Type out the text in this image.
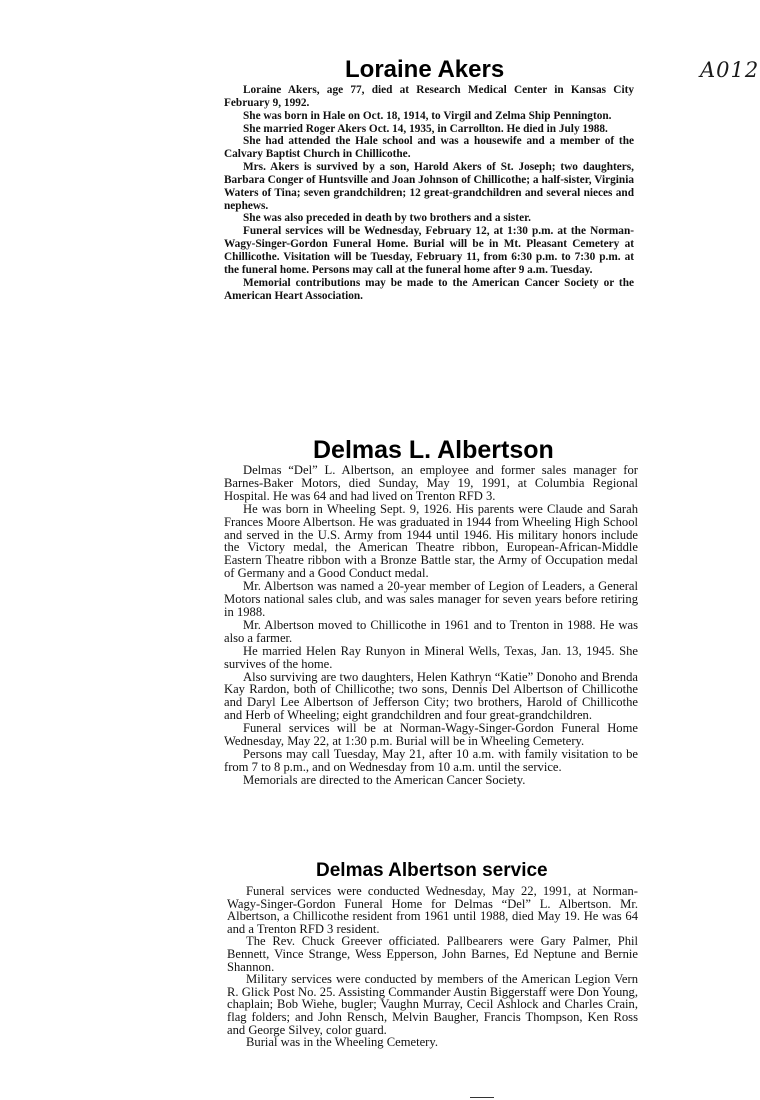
A012
Loraine Akers

Loraine Akers, age 77, died at Research Medical Center in Kansas City February 9, 1992.

She was born in Hale on Oct. 18, 1914, to Virgil and Zelma Ship Pennington.

She married Roger Akers Oct. 14, 1935, in Carrollton. He died in July 1988.

She had attended the Hale school and was a housewife and a member of the Calvary Baptist Church in Chillicothe.

Mrs. Akers is survived by a son, Harold Akers of St. Joseph; two daughters, Barbara Conger of Huntsville and Joan Johnson of Chillicothe; a half-sister, Virginia Waters of Tina; seven grandchildren; 12 great-grandchildren and several nieces and nephews.

She was also preceded in death by two brothers and a sister.

Funeral services will be Wednesday, February 12, at 1:30 p.m. at the Norman-Wagy-Singer-Gordon Funeral Home. Burial will be in Mt. Pleasant Cemetery at Chillicothe. Visitation will be Tuesday, February 11, from 6:30 p.m. to 7:30 p.m. at the funeral home. Persons may call at the funeral home after 9 a.m. Tuesday.

Memorial contributions may be made to the American Cancer Society or the American Heart Association.

Delmas L. Albertson

Delmas “Del” L. Albertson, an employee and former sales manager for Barnes-Baker Motors, died Sunday, May 19, 1991, at Columbia Regional Hospital. He was 64 and had lived on Trenton RFD 3.

He was born in Wheeling Sept. 9, 1926. His parents were Claude and Sarah Frances Moore Albertson. He was graduated in 1944 from Wheeling High School and served in the U.S. Army from 1944 until 1946. His military honors include the Victory medal, the American Theatre ribbon, European-African-Middle Eastern Theatre ribbon with a Bronze Battle star, the Army of Occupation medal of Germany and a Good Conduct medal.

Mr. Albertson was named a 20-year member of Legion of Leaders, a General Motors national sales club, and was sales manager for seven years before retiring in 1988.

Mr. Albertson moved to Chillicothe in 1961 and to Trenton in 1988. He was also a farmer.

He married Helen Ray Runyon in Mineral Wells, Texas, Jan. 13, 1945. She survives of the home.

Also surviving are two daughters, Helen Kathryn “Katie” Donoho and Brenda Kay Rardon, both of Chillicothe; two sons, Dennis Del Albertson of Chillicothe and Daryl Lee Albertson of Jefferson City; two brothers, Harold of Chillicothe and Herb of Wheeling; eight grandchildren and four great-grandchildren.

Funeral services will be at Norman-Wagy-Singer-Gordon Funeral Home Wednesday, May 22, at 1:30 p.m. Burial will be in Wheeling Cemetery.

Persons may call Tuesday, May 21, after 10 a.m. with family visitation to be from 7 to 8 p.m., and on Wednesday from 10 a.m. until the service.

Memorials are directed to the American Cancer Society.

Delmas Albertson service

Funeral services were conducted Wednesday, May 22, 1991, at Norman-Wagy-Singer-Gordon Funeral Home for Delmas “Del” L. Albertson. Mr. Albertson, a Chillicothe resident from 1961 until 1988, died May 19. He was 64 and a Trenton RFD 3 resident.

The Rev. Chuck Greever officiated. Pallbearers were Gary Palmer, Phil Bennett, Vince Strange, Wess Epperson, John Barnes, Ed Neptune and Bernie Shannon.

Military services were conducted by members of the American Legion Vern R. Glick Post No. 25. Assisting Commander Austin Biggerstaff were Don Young, chaplain; Bob Wiehe, bugler; Vaughn Murray, Cecil Ashlock and Charles Crain, flag folders; and John Rensch, Melvin Baugher, Francis Thompson, Ken Ross and George Silvey, color guard.

Burial was in the Wheeling Cemetery.
